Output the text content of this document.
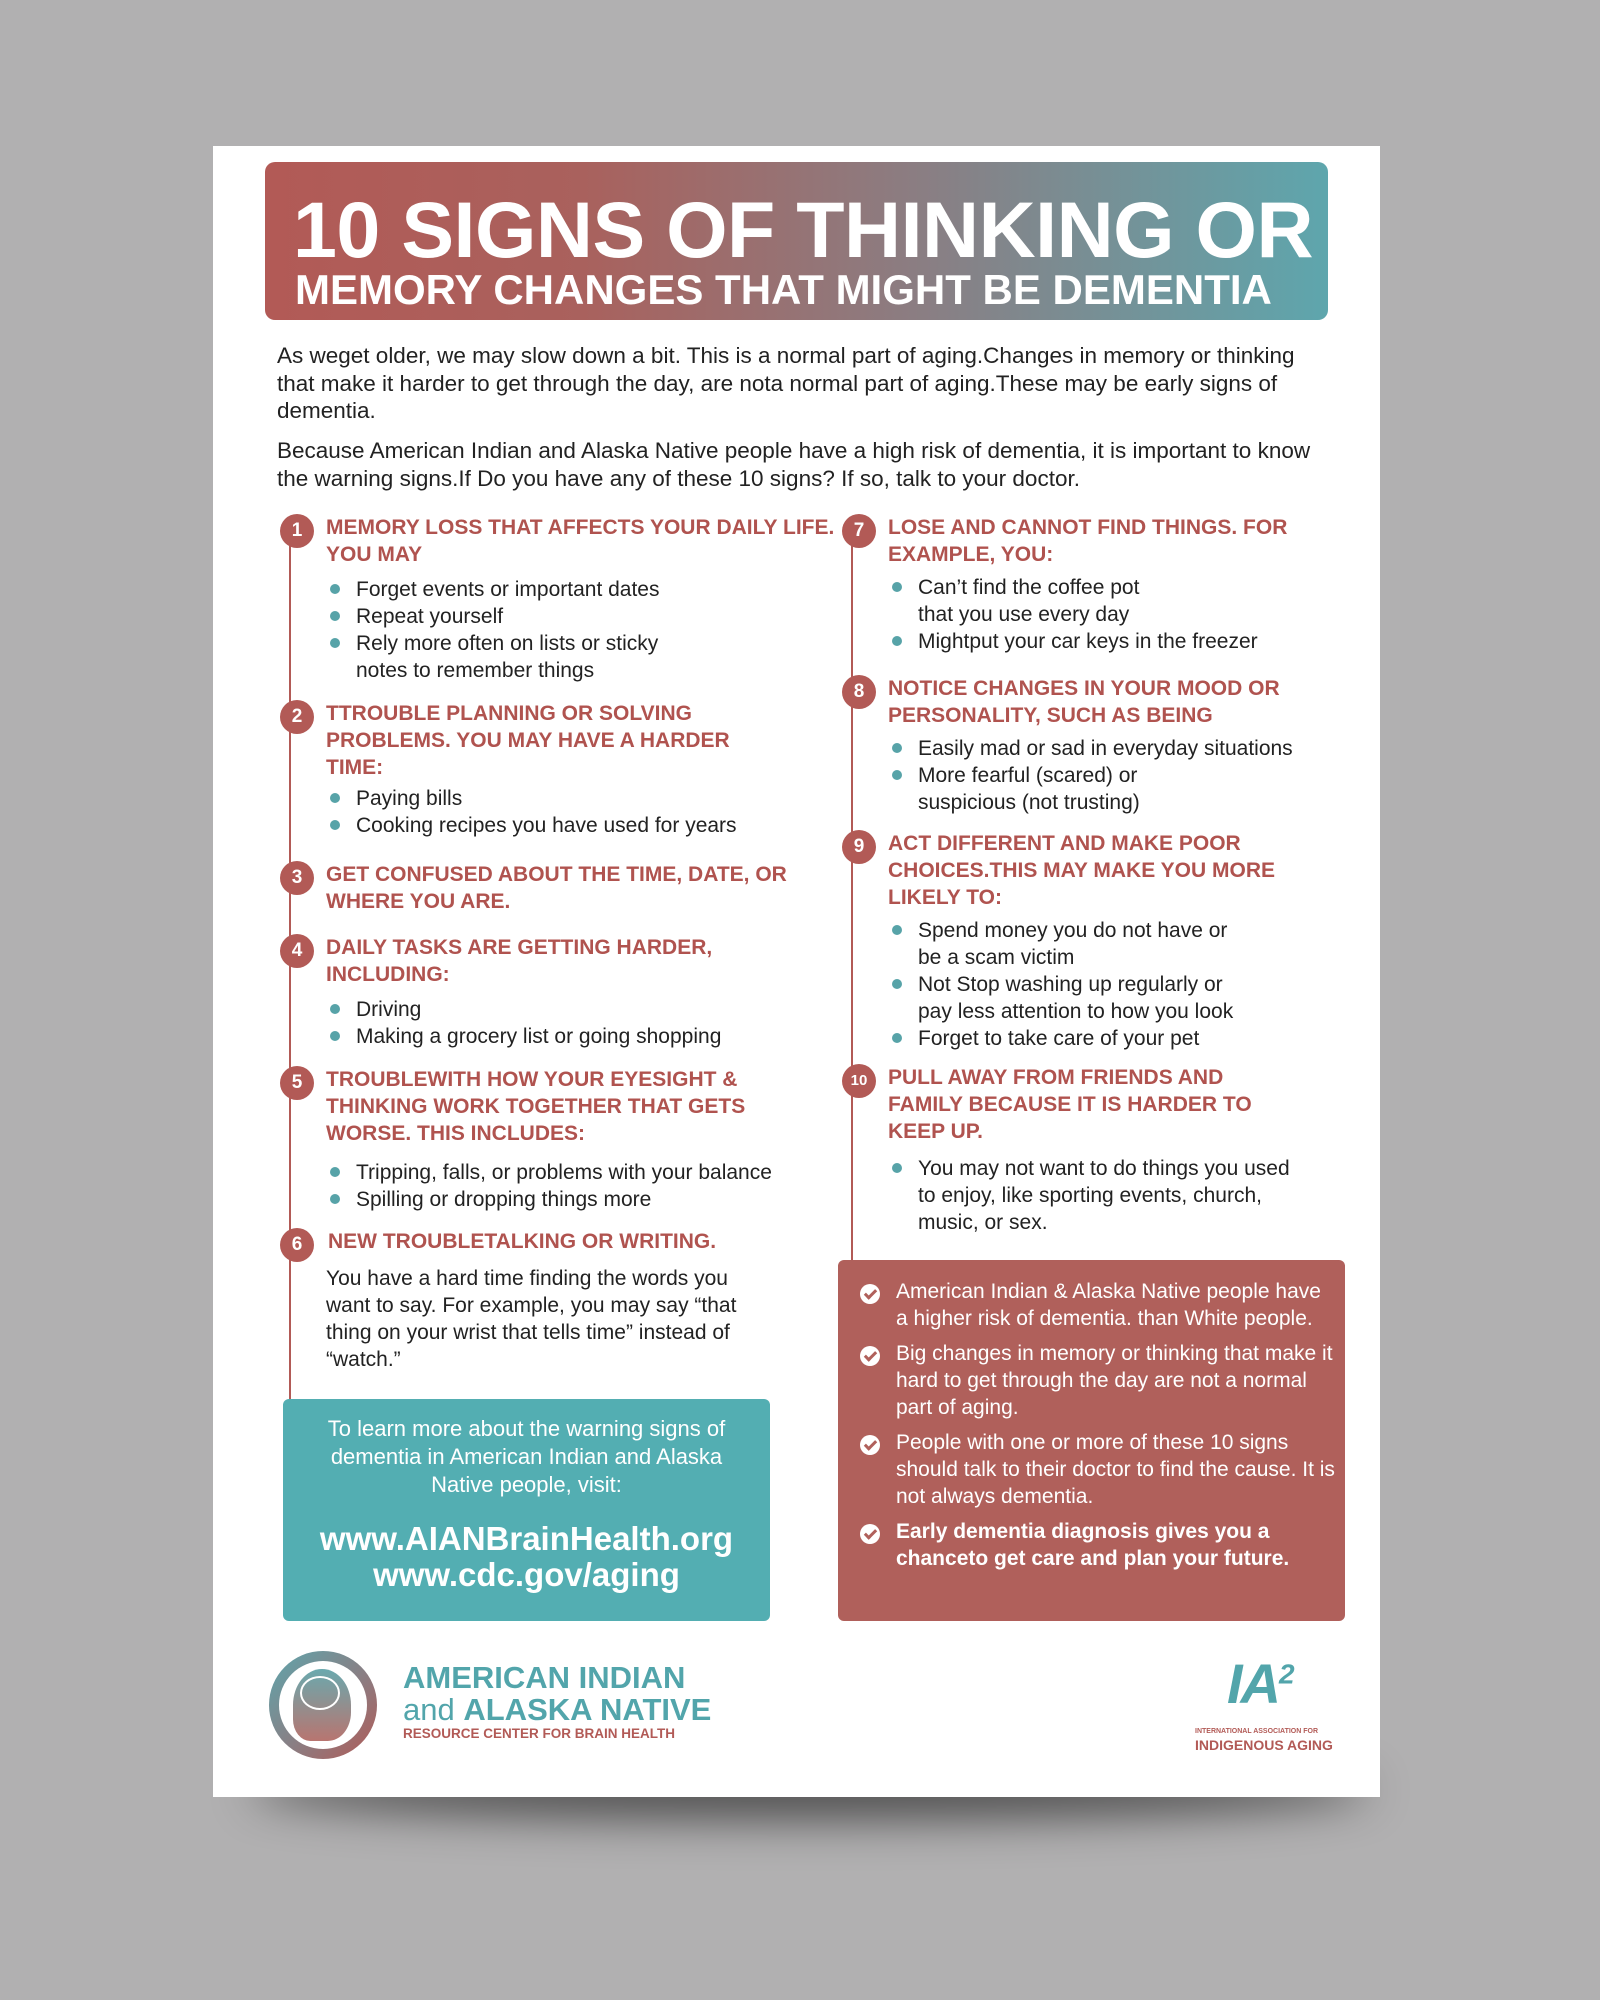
10 SIGNS OF THINKING OR
MEMORY CHANGES THAT MIGHT BE DEMENTIA

As weget older, we may slow down a bit. This is a normal part of aging.Changes in memory or thinking that make it harder to get through the day, are nota normal part of aging.These may be early signs of dementia.

Because American Indian and Alaska Native people have a high risk of dementia, it is important to know the warning signs.If Do you have any of these 10 signs? If so, talk to your doctor.

1	MEMORY LOSS THAT AFFECTS YOUR DAILY LIFE. YOU MAY
Forget events or important dates
Repeat yourself
Rely more often on lists or sticky notes to remember things
2	TTROUBLE PLANNING OR SOLVING PROBLEMS. YOU MAY HAVE A HARDER TIME:
Paying bills
Cooking recipes you have used for years
3	GET CONFUSED ABOUT THE TIME, DATE, OR WHERE YOU ARE.
4	DAILY TASKS ARE GETTING HARDER, INCLUDING:
Driving
Making a grocery list or going shopping
5	TROUBLEWITH HOW YOUR EYESIGHT & THINKING WORK TOGETHER THAT GETS WORSE. THIS INCLUDES:
Tripping, falls, or problems with your balance
Spilling or dropping things more
6	NEW TROUBLETALKING OR WRITING.

You have a hard time finding the words you want to say. For example, you may say “that thing on your wrist that tells time” instead of “watch.”

7	LOSE AND CANNOT FIND THINGS. FOR EXAMPLE, YOU:
Can’t find the coffee pot that you use every day
Mightput your car keys in the freezer
8	NOTICE CHANGES IN YOUR MOOD OR PERSONALITY, SUCH AS BEING
Easily mad or sad in everyday situations
More fearful (scared) or suspicious (not trusting)
9	ACT DIFFERENT AND MAKE POOR CHOICES.THIS MAY MAKE YOU MORE LIKELY TO:
Spend money you do not have or be a scam victim
Not Stop washing up regularly or pay less attention to how you look
Forget to take care of your pet
10 PULL AWAY FROM FRIENDS AND FAMILY BECAUSE IT IS HARDER TO KEEP UP.
You may not want to do things you used to enjoy, like sporting events, church, music, or sex.
To learn more about the warning signs of dementia in American Indian and Alaska Native people, visit:
www.AIANBrainHealth.org
www.cdc.gov/aging
American Indian & Alaska Native people have a higher risk of dementia. than White people.
Big changes in memory or thinking that make it hard to get through the day are not a normal part of aging.
People with one or more of these 10 signs should talk to their doctor to find the cause. It is not always dementia.
Early dementia diagnosis gives you a chanceto get care and plan your future.
AMERICAN INDIAN
and ALASKA NATIVE
RESOURCE CENTER FOR BRAIN HEALTH
$IA^2$
INTERNATIONAL ASSOCIATION FOR
INDIGENOUS AGING
